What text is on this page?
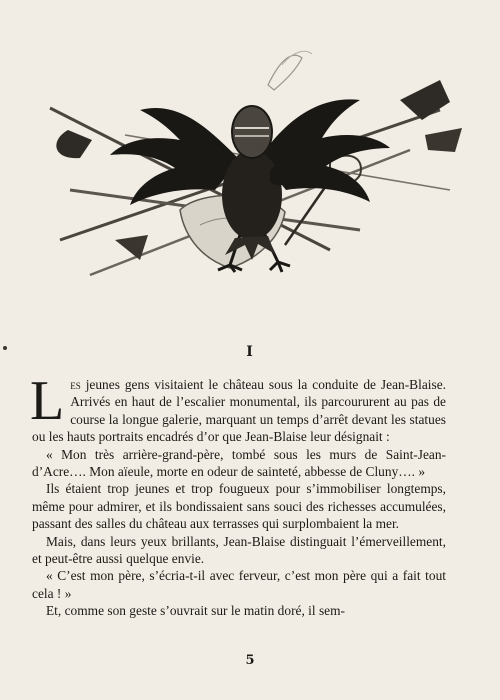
I

Les jeunes gens visitaient le château sous la conduite de Jean-Blaise. Arrivés en haut de l’escalier monumental, ils parcoururent au pas de course la longue galerie, marquant un temps d’arrêt devant les statues ou les hauts portraits encadrés d’or que Jean-Blaise leur désignait :

« Mon très arrière-grand-père, tombé sous les murs de Saint-Jean-d’Acre…. Mon aïeule, morte en odeur de sainteté, abbesse de Cluny…. »

Ils étaient trop jeunes et trop fougueux pour s’immobiliser longtemps, même pour admirer, et ils bondissaient sans souci des richesses accumulées, passant des salles du château aux terrasses qui surplombaient la mer.

Mais, dans leurs yeux brillants, Jean-Blaise distinguait l’émerveillement, et peut-être aussi quelque envie.

« C’est mon père, s’écria-t-il avec ferveur, c’est mon père qui a fait tout cela ! »

Et, comme son geste s’ouvrait sur le matin doré, il sem-

5
